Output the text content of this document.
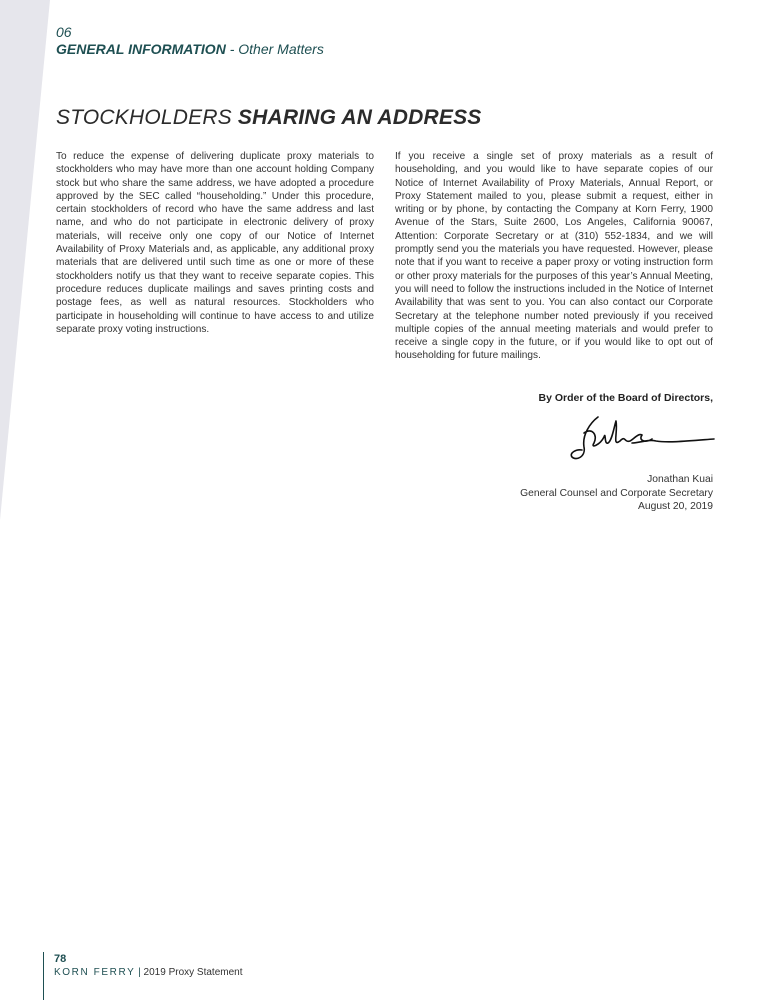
06
GENERAL INFORMATION - Other Matters
STOCKHOLDERS SHARING AN ADDRESS
To reduce the expense of delivering duplicate proxy materials to stockholders who may have more than one account holding Company stock but who share the same address, we have adopted a procedure approved by the SEC called “householding.” Under this procedure, certain stockholders of record who have the same address and last name, and who do not participate in electronic delivery of proxy materials, will receive only one copy of our Notice of Internet Availability of Proxy Materials and, as applicable, any additional proxy materials that are delivered until such time as one or more of these stockholders notify us that they want to receive separate copies. This procedure reduces duplicate mailings and saves printing costs and postage fees, as well as natural resources. Stockholders who participate in householding will continue to have access to and utilize separate proxy voting instructions.
If you receive a single set of proxy materials as a result of householding, and you would like to have separate copies of our Notice of Internet Availability of Proxy Materials, Annual Report, or Proxy Statement mailed to you, please submit a request, either in writing or by phone, by contacting the Company at Korn Ferry, 1900 Avenue of the Stars, Suite 2600, Los Angeles, California 90067, Attention: Corporate Secretary or at (310) 552-1834, and we will promptly send you the materials you have requested. However, please note that if you want to receive a paper proxy or voting instruction form or other proxy materials for the purposes of this year’s Annual Meeting, you will need to follow the instructions included in the Notice of Internet Availability that was sent to you. You can also contact our Corporate Secretary at the telephone number noted previously if you received multiple copies of the annual meeting materials and would prefer to receive a single copy in the future, or if you would like to opt out of householding for future mailings.
By Order of the Board of Directors,
Jonathan Kuai
General Counsel and Corporate Secretary
August 20, 2019
78
KORN FERRY | 2019 Proxy Statement
